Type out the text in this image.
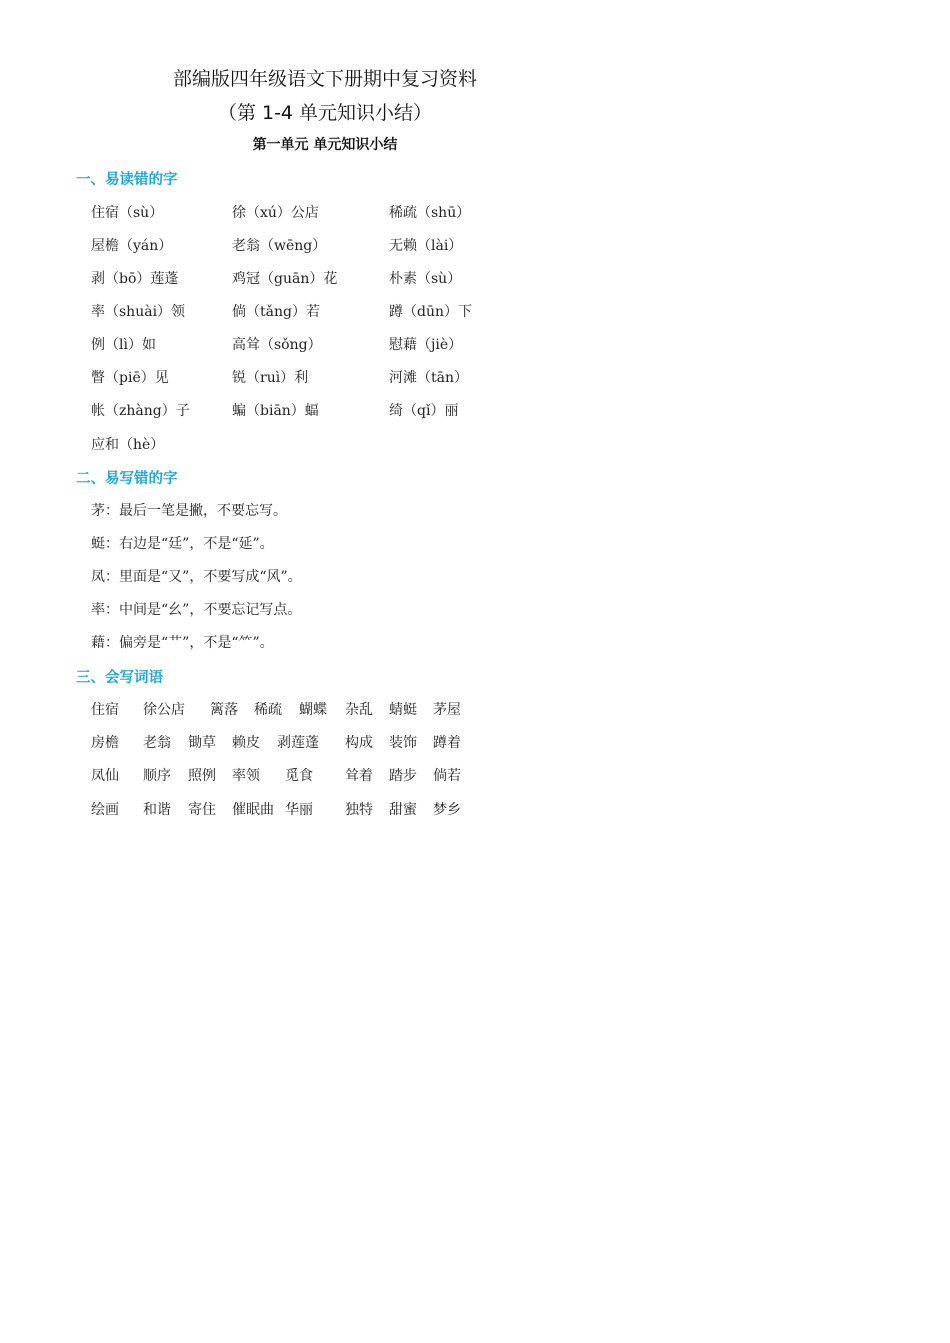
部编版四年级语文下册期中复习资料
（第 1-4 单元知识小结）
第一单元 单元知识小结
一、易读错的字
住宿（sù）	徐（xú）公店	稀疏（shū）
屋檐（yán）	老翁（wēng）	无赖（lài）
剥（bō）莲蓬	鸡冠（guān）花	朴素（sù）
率（shuài）领	倘（tǎng）若	蹲（dūn）下
例（lì）如	高耸（sǒng）	慰藉（jiè）
瞥（piē）见	锐（ruì）利	河滩（tān）
帐（zhàng）子	蝙（biān）蝠	绮（qǐ）丽
应和（hè）
二、易写错的字
茅：最后一笔是撇，不要忘写。
蜓：右边是“廷”，不是“延”。
凤：里面是“又”，不要写成“风”。
率：中间是“幺”，不要忘记写点。
藉：偏旁是“艹”，不是“⺮”。
三、会写词语
住宿 徐公店 篱落 稀疏 蝴蝶 杂乱 蜻蜓 茅屋
房檐 老翁 锄草 赖皮 剥莲蓬 构成 装饰 蹲着
凤仙 顺序 照例 率领 觅食 耸着 踏步 倘若
绘画 和谐 寄住 催眠曲 华丽 独特 甜蜜 梦乡
